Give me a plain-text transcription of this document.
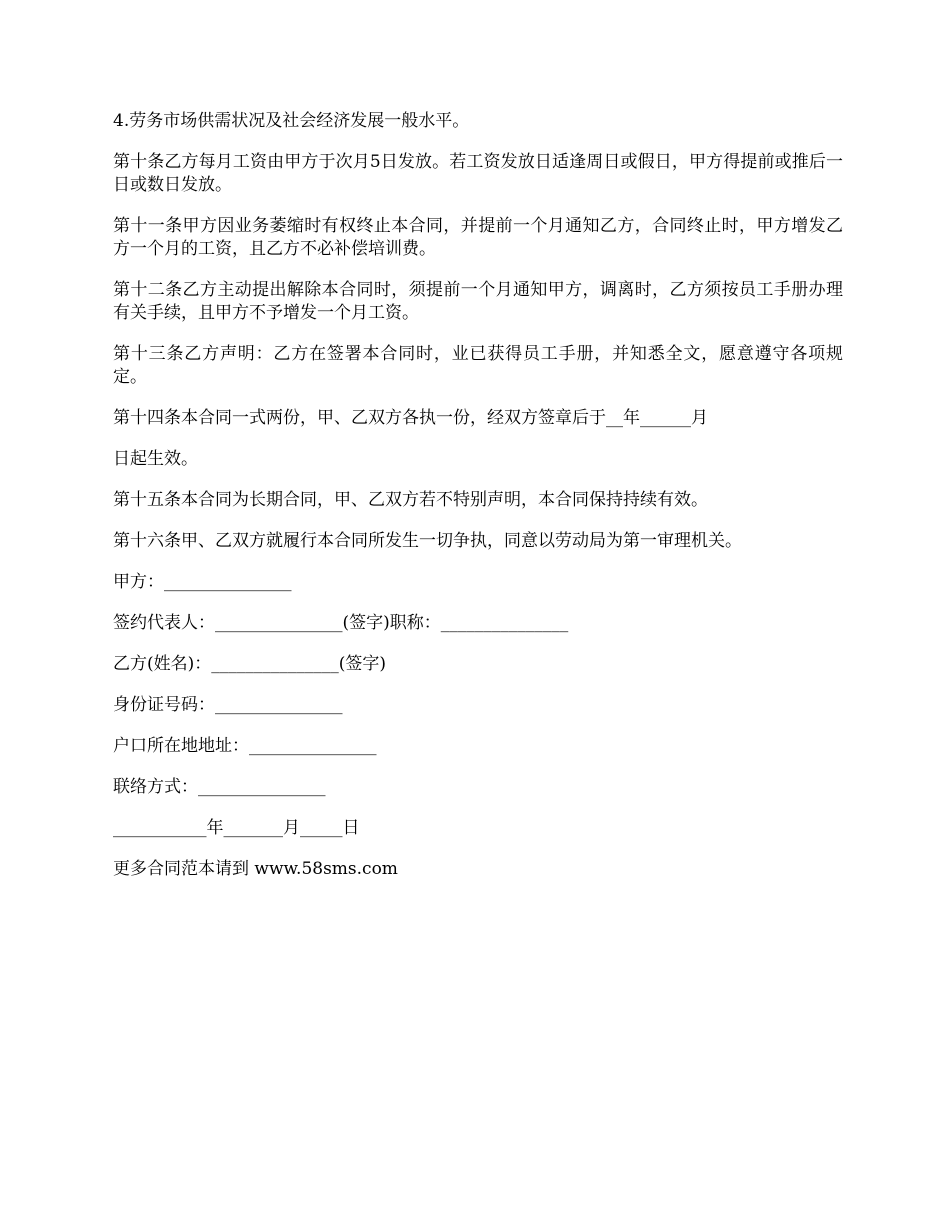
4.劳务市场供需状况及社会经济发展一般水平。

第十条乙方每月工资由甲方于次月5日发放。若工资发放日适逢周日或假日，甲方得提前或推后一日或数日发放。

第十一条甲方因业务萎缩时有权终止本合同，并提前一个月通知乙方，合同终止时，甲方增发乙方一个月的工资，且乙方不必补偿培训费。

第十二条乙方主动提出解除本合同时，须提前一个月通知甲方，调离时，乙方须按员工手册办理有关手续，且甲方不予增发一个月工资。

第十三条乙方声明：乙方在签署本合同时，业已获得员工手册，并知悉全文，愿意遵守各项规定。

第十四条本合同一式两份，甲、乙双方各执一份，经双方签章后于__年______月

日起生效。

第十五条本合同为长期合同，甲、乙双方若不特别声明，本合同保持持续有效。

第十六条甲、乙双方就履行本合同所发生一切争执，同意以劳动局为第一审理机关。

甲方：_______________

签约代表人：_______________(签字)职称：_______________

乙方(姓名)：_______________(签字)

身份证号码：_______________

户口所在地地址：_______________

联络方式：_______________

___________年_______月_____日

更多合同范本请到 www.58sms.com
